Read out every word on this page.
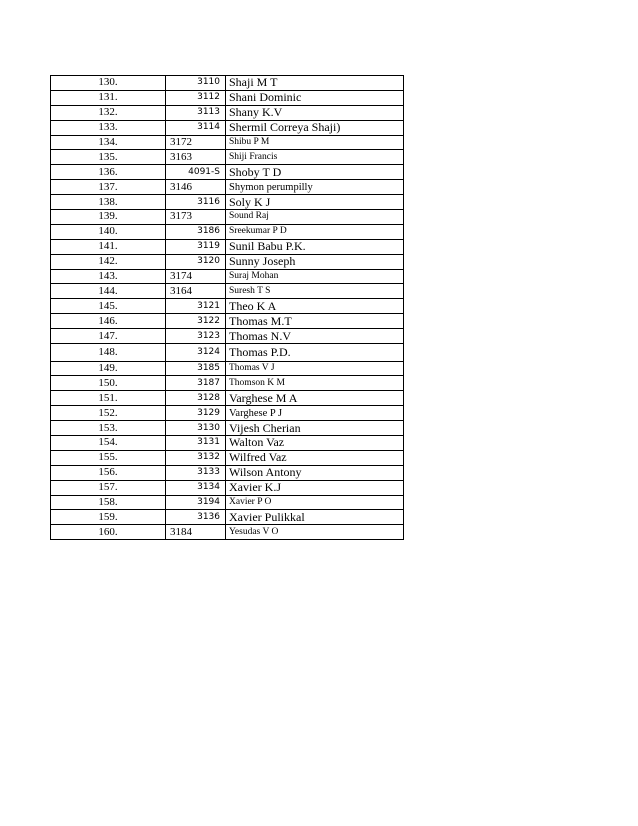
130.	3110	Shaji M T
131.	3112	Shani Dominic
132.	3113	Shany K.V
133.	3114	Shermil Correya Shaji)
134.	3172	Shibu P M
135.	3163	Shiji Francis
136.	4091-S	Shoby T D
137.	3146	Shymon perumpilly
138.	3116	Soly K J
139.	3173	Sound Raj
140.	3186	Sreekumar P D
141.	3119	Sunil Babu P.K.
142.	3120	Sunny Joseph
143.	3174	Suraj Mohan
144.	3164	Suresh T S
145.	3121	Theo K A
146.	3122	Thomas M.T
147.	3123	Thomas N.V
148.	3124	Thomas P.D.
149.	3185	Thomas V J
150.	3187	Thomson K M
151.	3128	Varghese M A
152.	3129	Varghese P J
153.	3130	Vijesh Cherian
154.	3131	Walton Vaz
155.	3132	Wilfred Vaz
156.	3133	Wilson Antony
157.	3134	Xavier K.J
158.	3194	Xavier P O
159.	3136	Xavier Pulikkal
160.	3184	Yesudas V O
